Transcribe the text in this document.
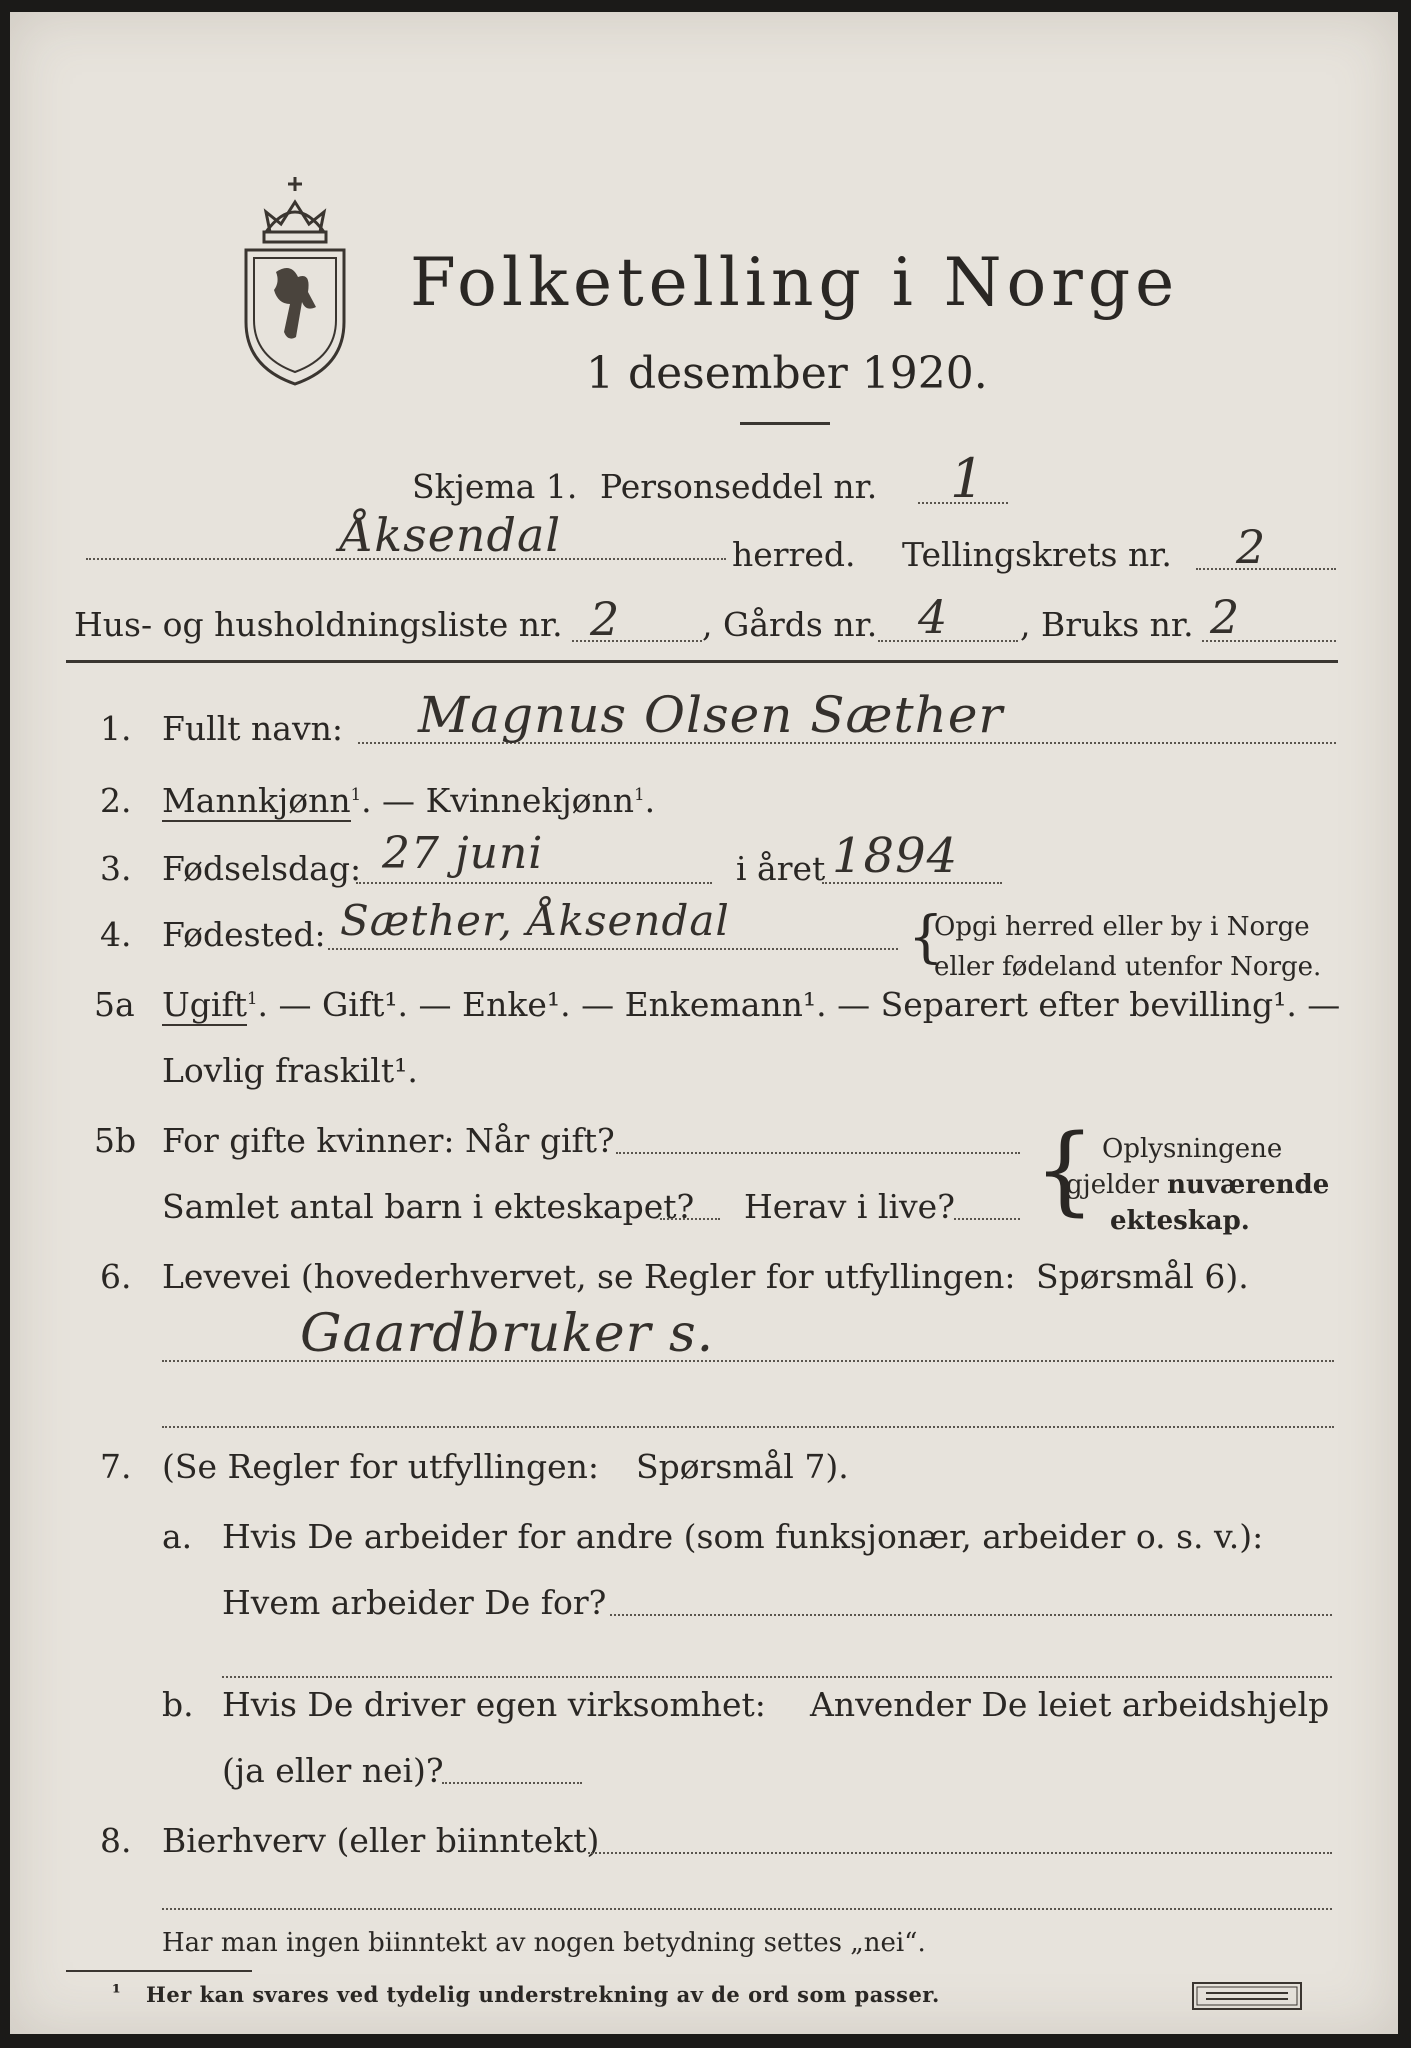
Folketelling i Norge
1 desember 1920.
Skjema 1. Personseddel nr. 1
Åksendal	herred. Tellingskrets nr. 2
Hus- og husholdningsliste nr. 2 , Gårds nr. 4 , Bruks nr. 2
1. Fullt navn: Magnus Olsen Sæther
2. Mannkjønn$^1$. — Kvinnekjønn$^1$.
3. Fødselsdag: 27 juni	i året 1894
4. Fødested: Sæther, Åksendal	{
Opgi herred eller by i Norge
eller fødeland utenfor Norge.
5a Ugift$^1$. — Gift¹. — Enke¹. — Enkemann¹. — Separert efter bevilling¹. —
Lovlig fraskilt¹.
5b For gifte kvinner: Når gift?
Samlet antal barn i ekteskapet? Herav i live? { Oplysningene
gjelder nuværende
ekteskap.
6. Levevei (hovederhvervet, se Regler for utfyllingen: Spørsmål 6).
Gaardbruker s.
7. (Se Regler for utfyllingen: Spørsmål 7).
a. Hvis De arbeider for andre (som funksjonær, arbeider o. s. v.):
Hvem arbeider De for?
b. Hvis De driver egen virksomhet: Anvender De leiet arbeidshjelp
(ja eller nei)?
8. Bierhverv (eller biinntekt)
Har man ingen biinntekt av nogen betydning settes „nei“.
¹ Her kan svares ved tydelig understrekning av de ord som passer.
